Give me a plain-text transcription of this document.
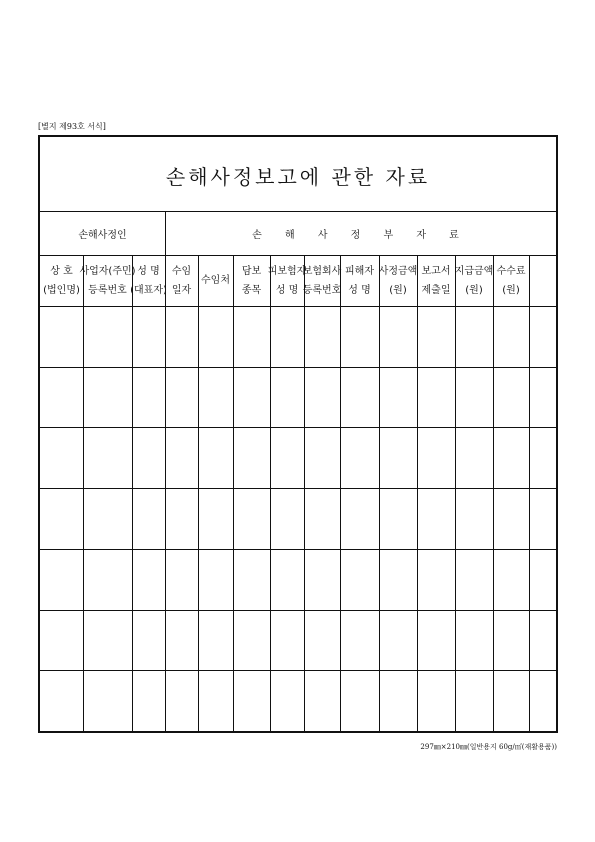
[별지 제93호 서식]
손해사정보고에 관한 자료
손해사정인	손 해 사 정 부 자 료
상 호
(법인명)
사업자(주민)
등록번호
성 명
(대표자)
수임
일자
수임처
담보
종목
피보험자
성 명
보험회사
등록번호
피해자
성 명
사정금액
(원)
보고서
제출일
지급금액
(원)
수수료
(원)
297㎜×210㎜(일반용지 60g/㎡(재활용품))
